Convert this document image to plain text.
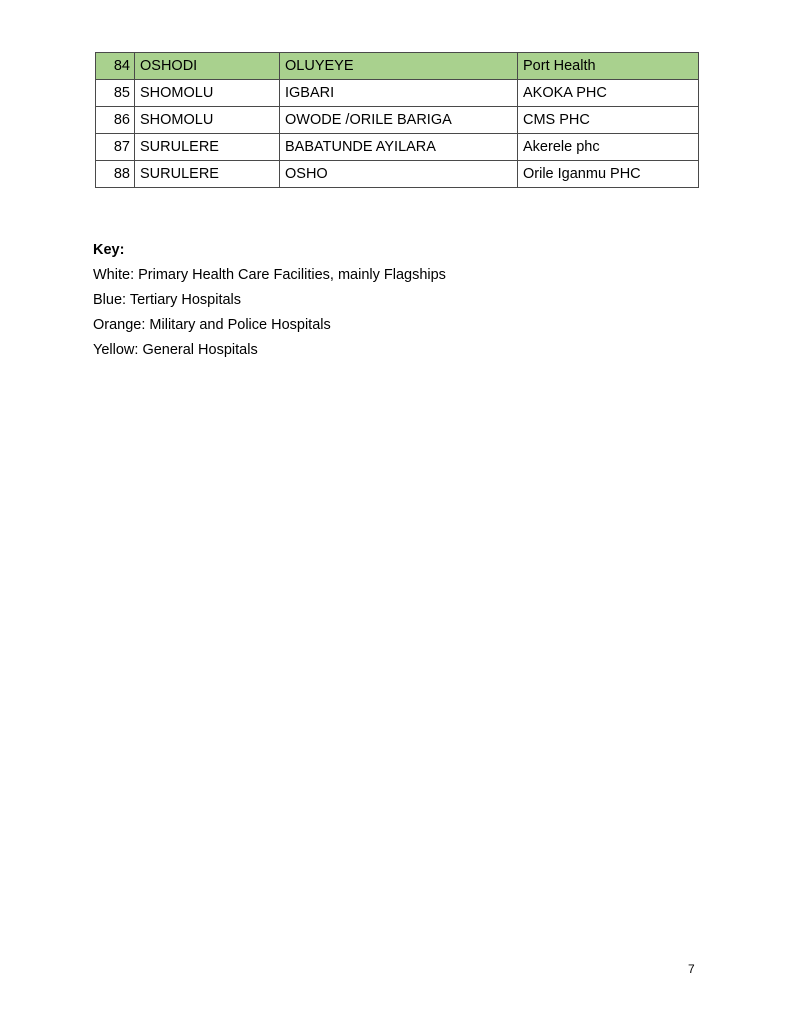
84	OSHODI	OLUYEYE	Port Health
85	SHOMOLU	IGBARI	AKOKA PHC
86	SHOMOLU	OWODE /ORILE BARIGA	CMS PHC
87	SURULERE	BABATUNDE AYILARA	Akerele phc
88	SURULERE	OSHO	Orile Iganmu PHC
Key:
White: Primary Health Care Facilities, mainly Flagships
Blue: Tertiary Hospitals
Orange: Military and Police Hospitals
Yellow: General Hospitals
7
